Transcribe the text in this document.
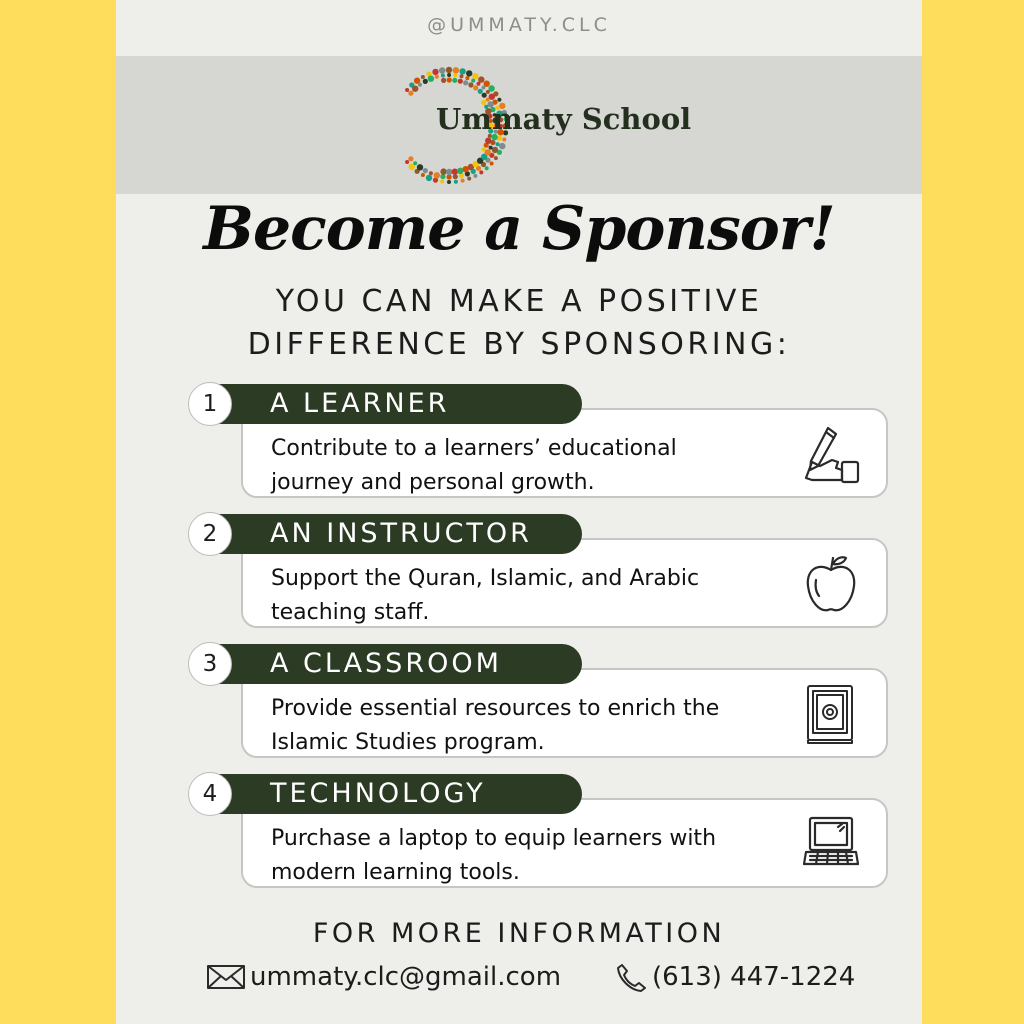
@UMMATY.CLC
Ummaty School
Become a Sponsor!
YOU CAN MAKE A POSITIVE
DIFFERENCE BY SPONSORING:
1	A LEARNER
Contribute to a learners’ educational
journey and personal growth.
2	AN INSTRUCTOR
Support the Quran, Islamic, and Arabic
teaching staff.
3	A CLASSROOM
Provide essential resources to enrich the
Islamic Studies program.
4	TECHNOLOGY
Purchase a laptop to equip learners with
modern learning tools.
FOR MORE INFORMATION
ummaty.clc@gmail.com	(613) 447-1224
